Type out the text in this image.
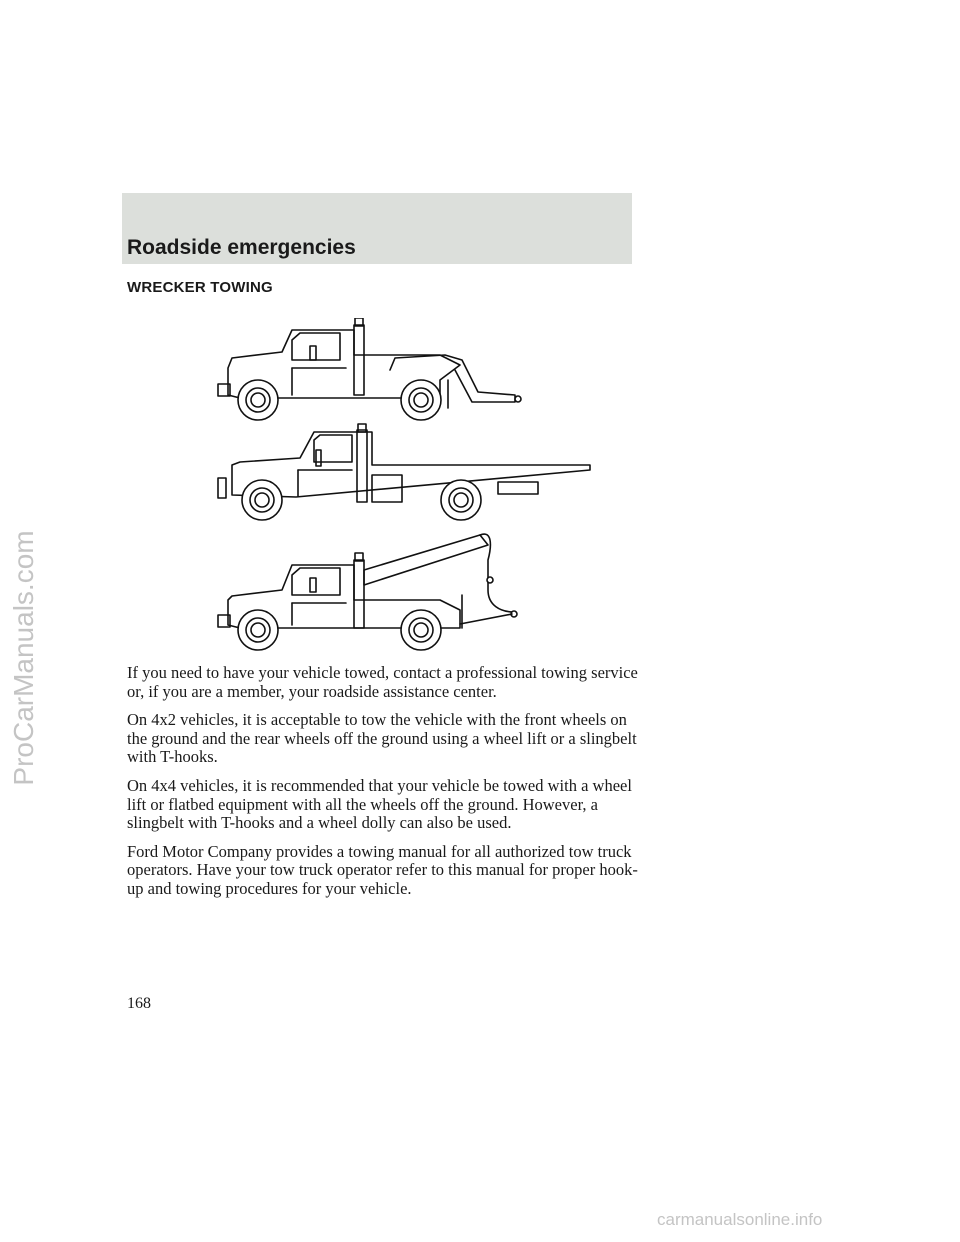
Roadside emergencies
WRECKER TOWING

If you need to have your vehicle towed, contact a professional towing service or, if you are a member, your roadside assistance center.

On 4x2 vehicles, it is acceptable to tow the vehicle with the front wheels on the ground and the rear wheels off the ground using a wheel lift or a slingbelt with T-hooks.

On 4x4 vehicles, it is recommended that your vehicle be towed with a wheel lift or flatbed equipment with all the wheels off the ground. However, a slingbelt with T-hooks and a wheel dolly can also be used.

Ford Motor Company provides a towing manual for all authorized tow truck operators. Have your tow truck operator refer to this manual for proper hook-up and towing procedures for your vehicle.

168

ProCarManuals.com
carmanualsonline.info
